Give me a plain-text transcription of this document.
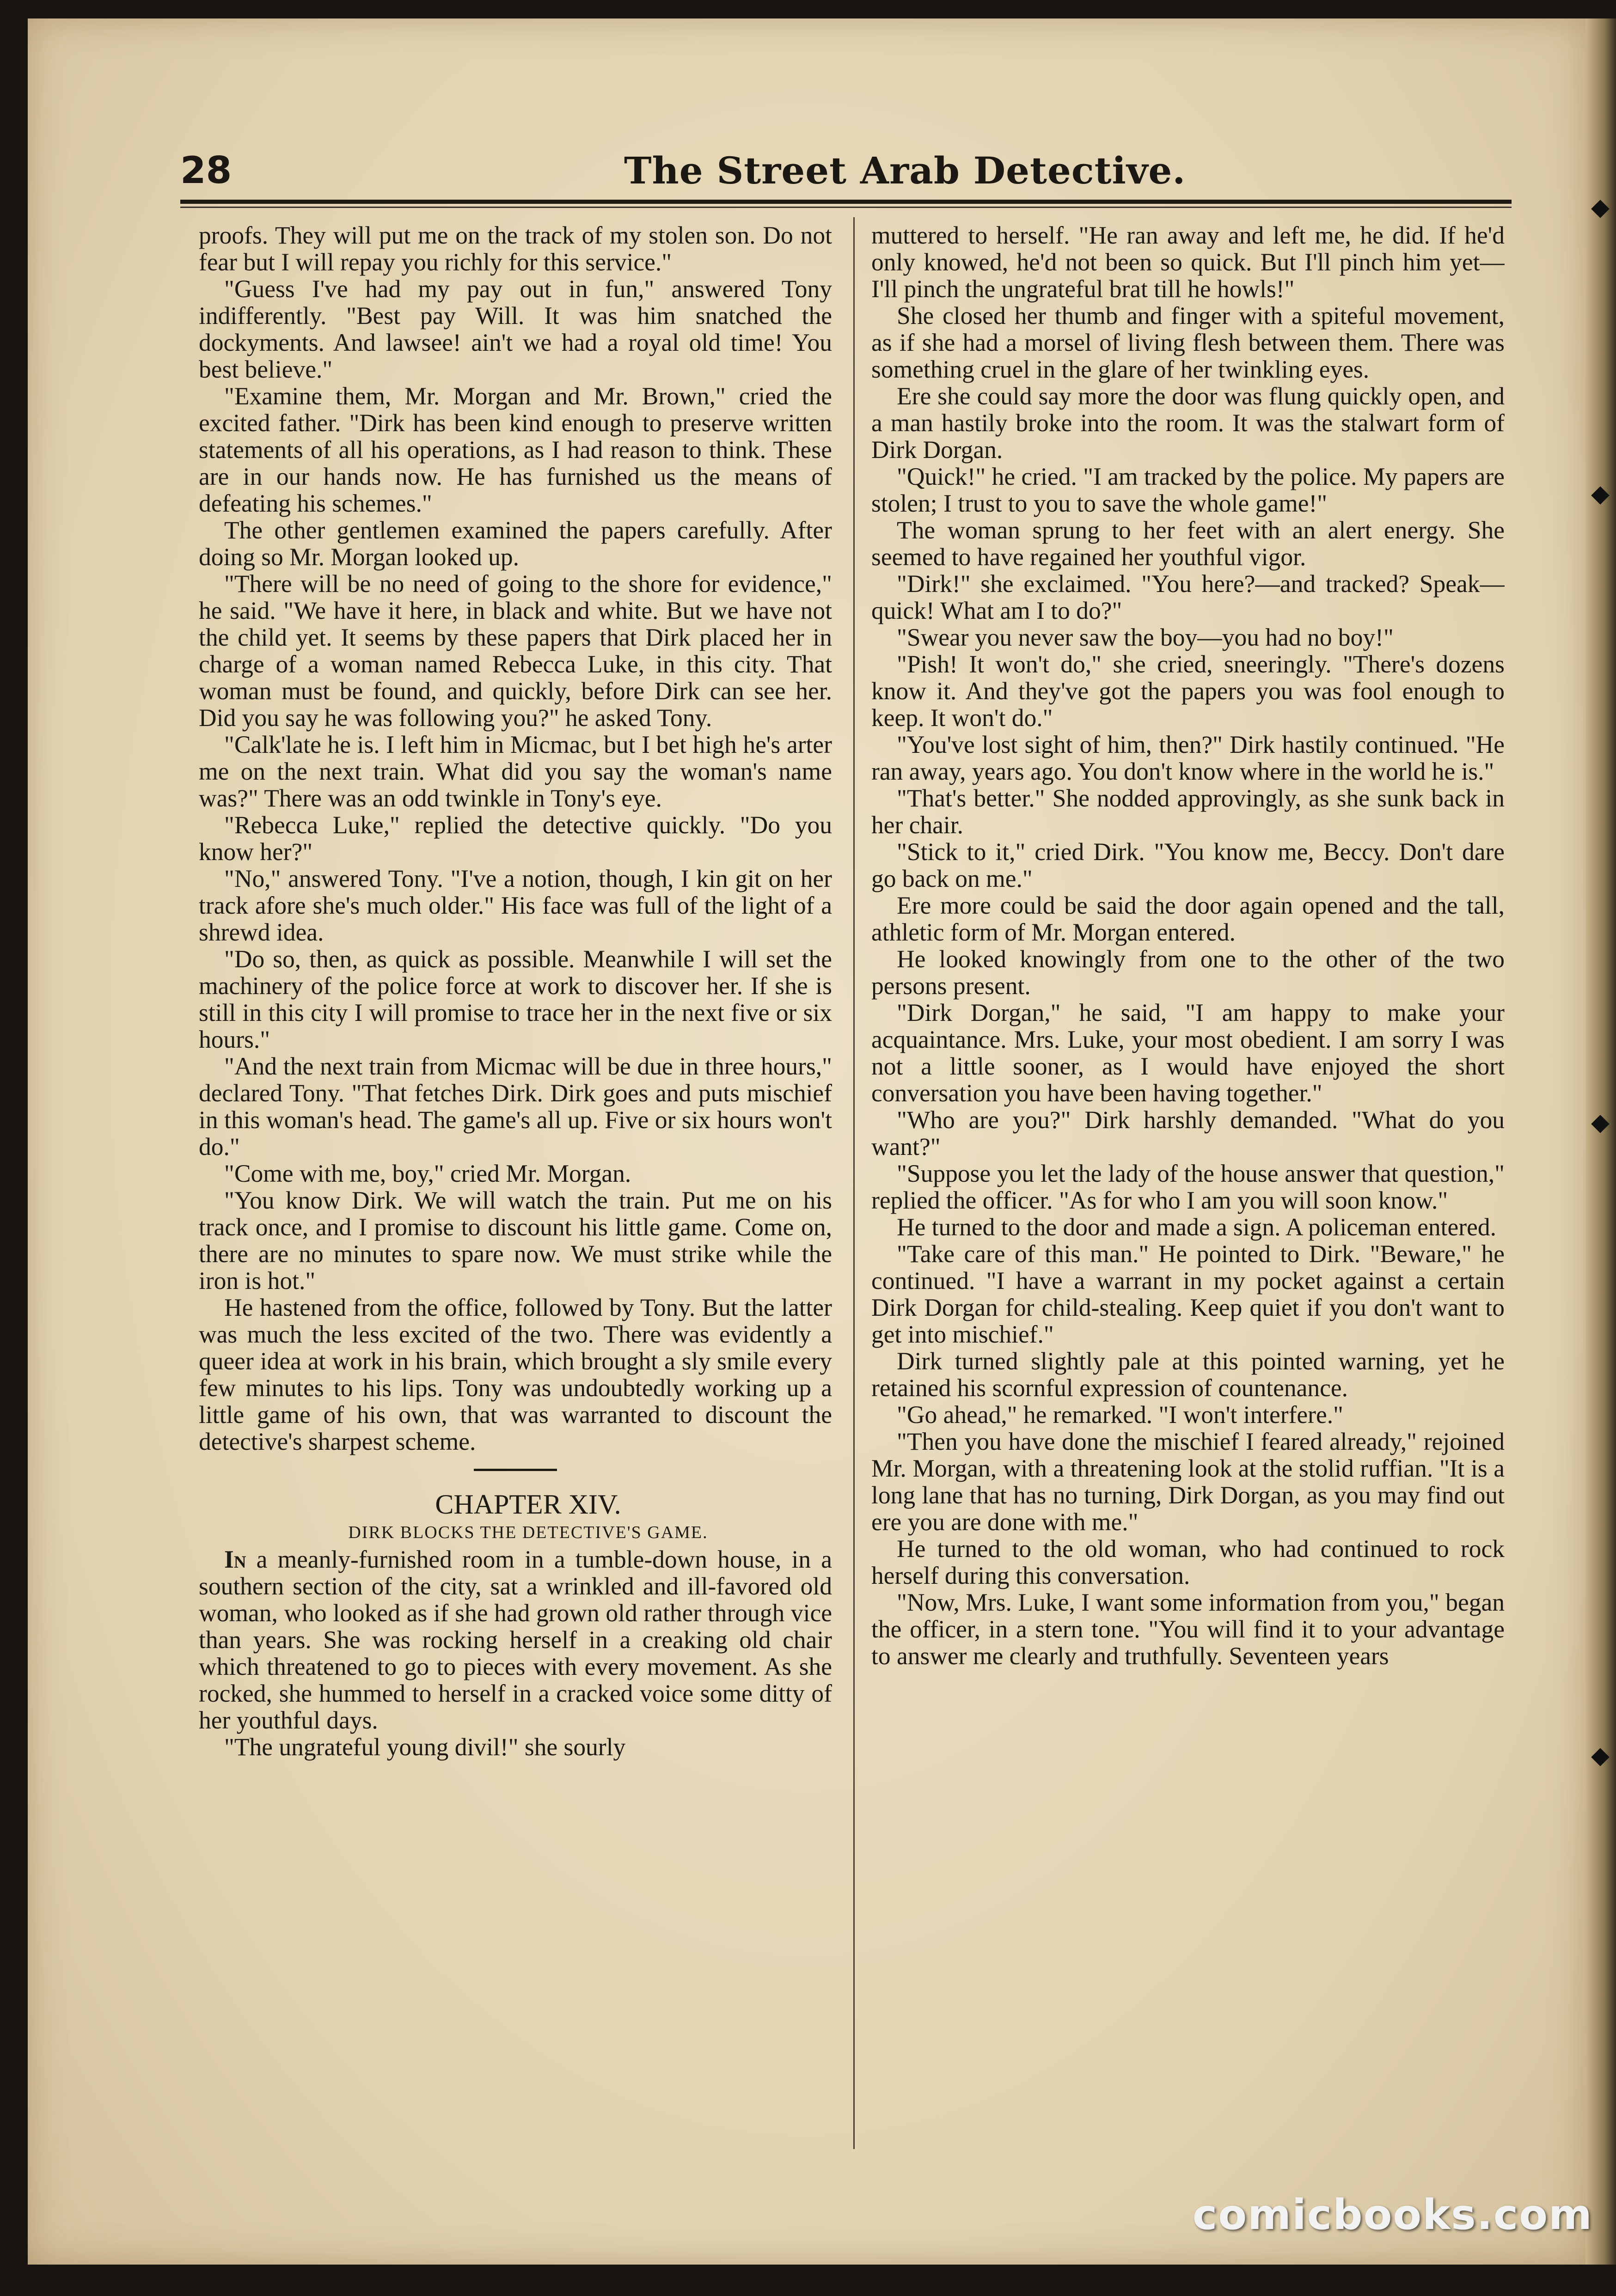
28	The Street Arab Detective.

proofs. They will put me on the track of my stolen son. Do not fear but I will repay you richly for this service."

"Guess I've had my pay out in fun," answered Tony indifferently. "Best pay Will. It was him snatched the dockyments. And lawsee! ain't we had a royal old time! You best believe."

"Examine them, Mr. Morgan and Mr. Brown," cried the excited father. "Dirk has been kind enough to preserve written statements of all his operations, as I had reason to think. These are in our hands now. He has furnished us the means of defeating his schemes."

The other gentlemen examined the papers carefully. After doing so Mr. Morgan looked up.

"There will be no need of going to the shore for evidence," he said. "We have it here, in black and white. But we have not the child yet. It seems by these papers that Dirk placed her in charge of a woman named Rebecca Luke, in this city. That woman must be found, and quickly, before Dirk can see her. Did you say he was following you?" he asked Tony.

"Calk'late he is. I left him in Micmac, but I bet high he's arter me on the next train. What did you say the woman's name was?" There was an odd twinkle in Tony's eye.

"Rebecca Luke," replied the detective quickly. "Do you know her?"

"No," answered Tony. "I've a notion, though, I kin git on her track afore she's much older." His face was full of the light of a shrewd idea.

"Do so, then, as quick as possible. Meanwhile I will set the machinery of the police force at work to discover her. If she is still in this city I will promise to trace her in the next five or six hours."

"And the next train from Micmac will be due in three hours," declared Tony. "That fetches Dirk. Dirk goes and puts mischief in this woman's head. The game's all up. Five or six hours won't do."

"Come with me, boy," cried Mr. Morgan.

"You know Dirk. We will watch the train. Put me on his track once, and I promise to discount his little game. Come on, there are no minutes to spare now. We must strike while the iron is hot."

He hastened from the office, followed by Tony. But the latter was much the less excited of the two. There was evidently a queer idea at work in his brain, which brought a sly smile every few minutes to his lips. Tony was undoubtedly working up a little game of his own, that was warranted to discount the detective's sharpest scheme.

CHAPTER XIV.

DIRK BLOCKS THE DETECTIVE'S GAME.

In a meanly-furnished room in a tumble-down house, in a southern section of the city, sat a wrinkled and ill-favored old woman, who looked as if she had grown old rather through vice than years. She was rocking herself in a creaking old chair which threatened to go to pieces with every movement. As she rocked, she hummed to herself in a cracked voice some ditty of her youthful days.

"The ungrateful young divil!" she sourly

muttered to herself. "He ran away and left me, he did. If he'd only knowed, he'd not been so quick. But I'll pinch him yet—I'll pinch the ungrateful brat till he howls!"

She closed her thumb and finger with a spiteful movement, as if she had a morsel of living flesh between them. There was something cruel in the glare of her twinkling eyes.

Ere she could say more the door was flung quickly open, and a man hastily broke into the room. It was the stalwart form of Dirk Dorgan.

"Quick!" he cried. "I am tracked by the police. My papers are stolen; I trust to you to save the whole game!"

The woman sprung to her feet with an alert energy. She seemed to have regained her youthful vigor.

"Dirk!" she exclaimed. "You here?—and tracked? Speak—quick! What am I to do?"

"Swear you never saw the boy—you had no boy!"

"Pish! It won't do," she cried, sneeringly. "There's dozens know it. And they've got the papers you was fool enough to keep. It won't do."

"You've lost sight of him, then?" Dirk hastily continued. "He ran away, years ago. You don't know where in the world he is."

"That's better." She nodded approvingly, as she sunk back in her chair.

"Stick to it," cried Dirk. "You know me, Beccy. Don't dare go back on me."

Ere more could be said the door again opened and the tall, athletic form of Mr. Morgan entered.

He looked knowingly from one to the other of the two persons present.

"Dirk Dorgan," he said, "I am happy to make your acquaintance. Mrs. Luke, your most obedient. I am sorry I was not a little sooner, as I would have enjoyed the short conversation you have been having together."

"Who are you?" Dirk harshly demanded. "What do you want?"

"Suppose you let the lady of the house answer that question," replied the officer. "As for who I am you will soon know."

He turned to the door and made a sign. A policeman entered.

"Take care of this man." He pointed to Dirk. "Beware," he continued. "I have a warrant in my pocket against a certain Dirk Dorgan for child-stealing. Keep quiet if you don't want to get into mischief."

Dirk turned slightly pale at this pointed warning, yet he retained his scornful expression of countenance.

"Go ahead," he remarked. "I won't interfere."

"Then you have done the mischief I feared already," rejoined Mr. Morgan, with a threatening look at the stolid ruffian. "It is a long lane that has no turning, Dirk Dorgan, as you may find out ere you are done with me."

He turned to the old woman, who had continued to rock herself during this conversation.

"Now, Mrs. Luke, I want some information from you," began the officer, in a stern tone. "You will find it to your advantage to answer me clearly and truthfully. Seventeen years

comicbooks.com
